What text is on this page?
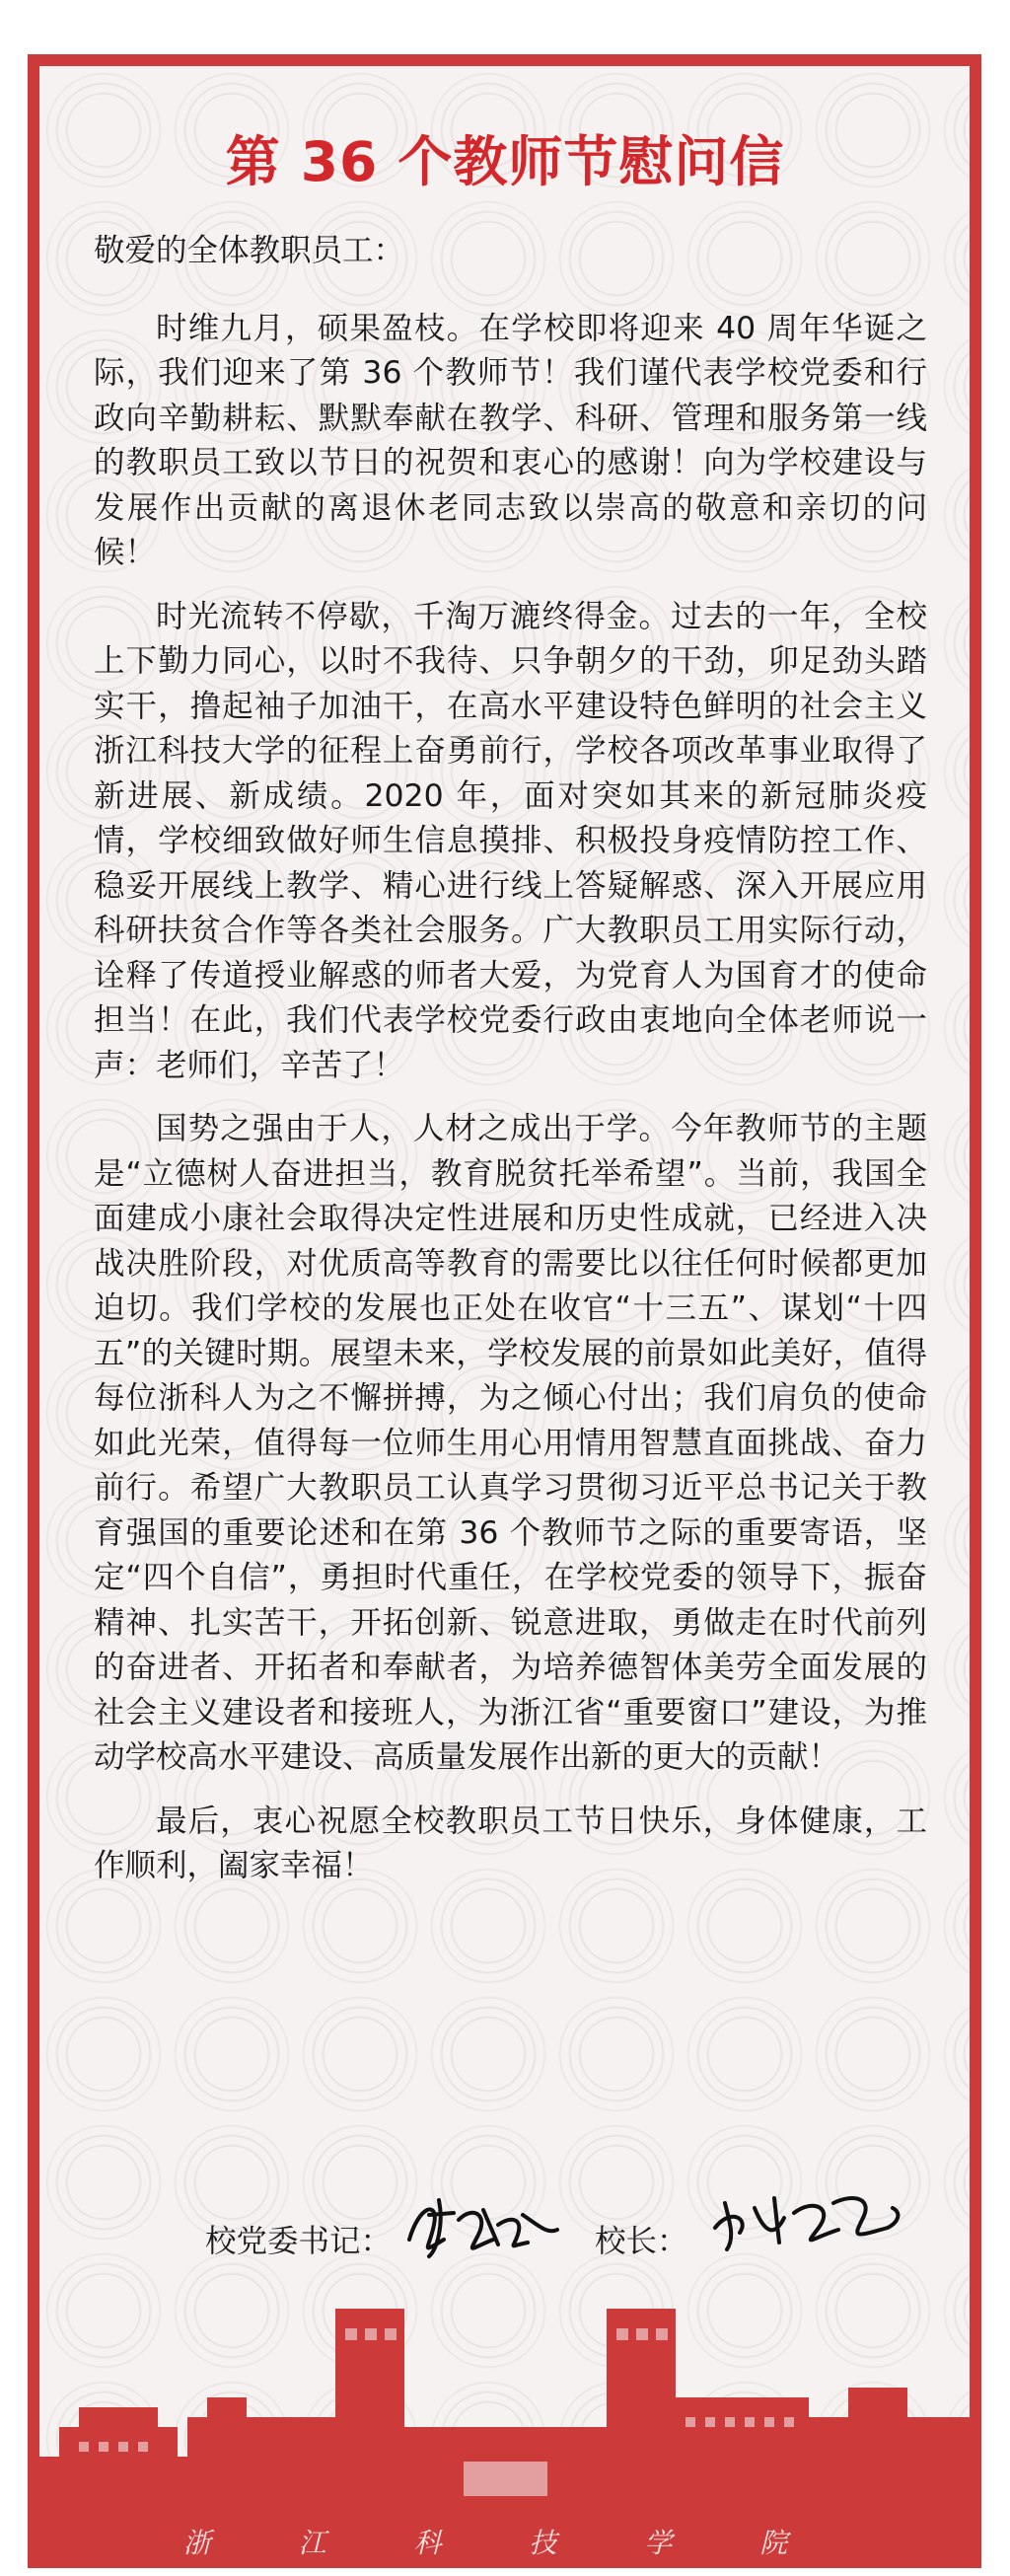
第 36 个教师节慰问信

敬爱的全体教职员工：

时维九月，硕果盈枝。在学校即将迎来 40 周年华诞之际，我们迎来了第 36 个教师节！我们谨代表学校党委和行政向辛勤耕耘、默默奉献在教学、科研、管理和服务第一线的教职员工致以节日的祝贺和衷心的感谢！向为学校建设与发展作出贡献的离退休老同志致以崇高的敬意和亲切的问候！

时光流转不停歇，千淘万漉终得金。过去的一年，全校上下勤力同心，以时不我待、只争朝夕的干劲，卯足劲头踏实干，撸起袖子加油干，在高水平建设特色鲜明的社会主义浙江科技大学的征程上奋勇前行，学校各项改革事业取得了新进展、新成绩。2020 年，面对突如其来的新冠肺炎疫情，学校细致做好师生信息摸排、积极投身疫情防控工作、稳妥开展线上教学、精心进行线上答疑解惑、深入开展应用科研扶贫合作等各类社会服务。广大教职员工用实际行动，诠释了传道授业解惑的师者大爱，为党育人为国育才的使命担当！在此，我们代表学校党委行政由衷地向全体老师说一声：老师们，辛苦了！

国势之强由于人，人材之成出于学。今年教师节的主题是“立德树人奋进担当，教育脱贫托举希望”。当前，我国全面建成小康社会取得决定性进展和历史性成就，已经进入决战决胜阶段，对优质高等教育的需要比以往任何时候都更加迫切。我们学校的发展也正处在收官“十三五”、谋划“十四五”的关键时期。展望未来，学校发展的前景如此美好，值得每位浙科人为之不懈拼搏，为之倾心付出；我们肩负的使命如此光荣，值得每一位师生用心用情用智慧直面挑战、奋力前行。希望广大教职员工认真学习贯彻习近平总书记关于教育强国的重要论述和在第 36 个教师节之际的重要寄语，坚定“四个自信”，勇担时代重任，在学校党委的领导下，振奋精神、扎实苦干，开拓创新、锐意进取，勇做走在时代前列的奋进者、开拓者和奉献者，为培养德智体美劳全面发展的社会主义建设者和接班人，为浙江省“重要窗口”建设，为推动学校高水平建设、高质量发展作出新的更大的贡献！

最后，衷心祝愿全校教职员工节日快乐，身体健康，工作顺利，阖家幸福！

校党委书记：	校长：
浙 江 科 技 学 院
